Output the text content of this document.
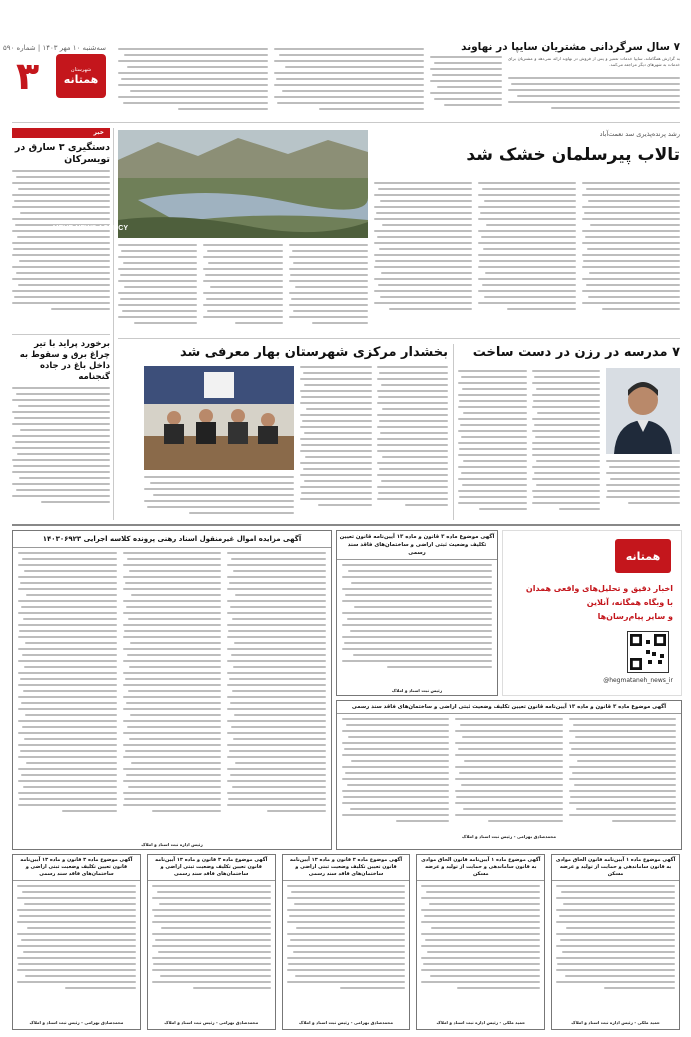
سه‌شنبه ۱۰ مهر ۱۴۰۳ | شماره ۵۹۰
۳	شهرستان
همتانه
۷ سال سرگردانی مشتریان سایپا در نهاوند
به گزارش همگامانه، سایپا خدمات تعمیر و پس از فروش در نهاوند ارائه نمی‌دهد و مشتریان برای خدمات به شهرهای دیگر مراجعه می‌کنند.
خبر
دستگیری ۳ سارق در تویسرکان
برخورد پراید با تیر چراغ برق و سقوط به داخل باغ در جاده گنجنامه
MEHR NEWS AGENCY
رشد پرنده‌پذیری سد نعمت‌آباد
تالاب پیرسلمان خشک شد
۷ مدرسه در رزن در دست ساخت
بخشدار مرکزی شهرستان بهار معرفی شد
آگهی مزایده اموال غیرمنقول اسناد رهنی پرونده کلاسه اجرایی ۱۴۰۳۰۶۹۲۳
رئیس اداره ثبت اسناد و املاک
آگهی موضوع ماده ۳ قانون و ماده ۱۳ آیین‌نامه قانون تعیین تکلیف وضعیت ثبتی اراضی و ساختمان‌های فاقد سند رسمی
رئیس ثبت اسناد و املاک
همتانه
اخبار دقیق و تحلیل‌های واقعی همدان
با وبگاه همگانه، آنلاین
و سایر پیام‌رسان‌ها
@hegmataneh_news_ir
آگهی موضوع ماده ۳ قانون و ماده ۱۳ آیین‌نامه قانون تعیین تکلیف وضعیت ثبتی اراضی و ساختمان‌های فاقد سند رسمی
محمدصادق بهرامی - رئیس ثبت اسناد و املاک
آگهی موضوع ماده ۱ آیین‌نامه قانون الحاق موادی به قانون ساماندهی و حمایت از تولید و عرضه مسکن
حمید ملکی - رئیس اداره ثبت اسناد و املاک
آگهی موضوع ماده ۱ آیین‌نامه قانون الحاق موادی به قانون ساماندهی و حمایت از تولید و عرضه مسکن
حمید ملکی - رئیس اداره ثبت اسناد و املاک
آگهی موضوع ماده ۳ قانون و ماده ۱۳ آیین‌نامه قانون تعیین تکلیف وضعیت ثبتی اراضی و ساختمان‌های فاقد سند رسمی
محمدصادق بهرامی - رئیس ثبت اسناد و املاک
آگهی موضوع ماده ۳ قانون و ماده ۱۳ آیین‌نامه قانون تعیین تکلیف وضعیت ثبتی اراضی و ساختمان‌های فاقد سند رسمی
محمدصادق بهرامی - رئیس ثبت اسناد و املاک
آگهی موضوع ماده ۳ قانون و ماده ۱۳ آیین‌نامه قانون تعیین تکلیف وضعیت ثبتی اراضی و ساختمان‌های فاقد سند رسمی
محمدصادق بهرامی - رئیس ثبت اسناد و املاک
